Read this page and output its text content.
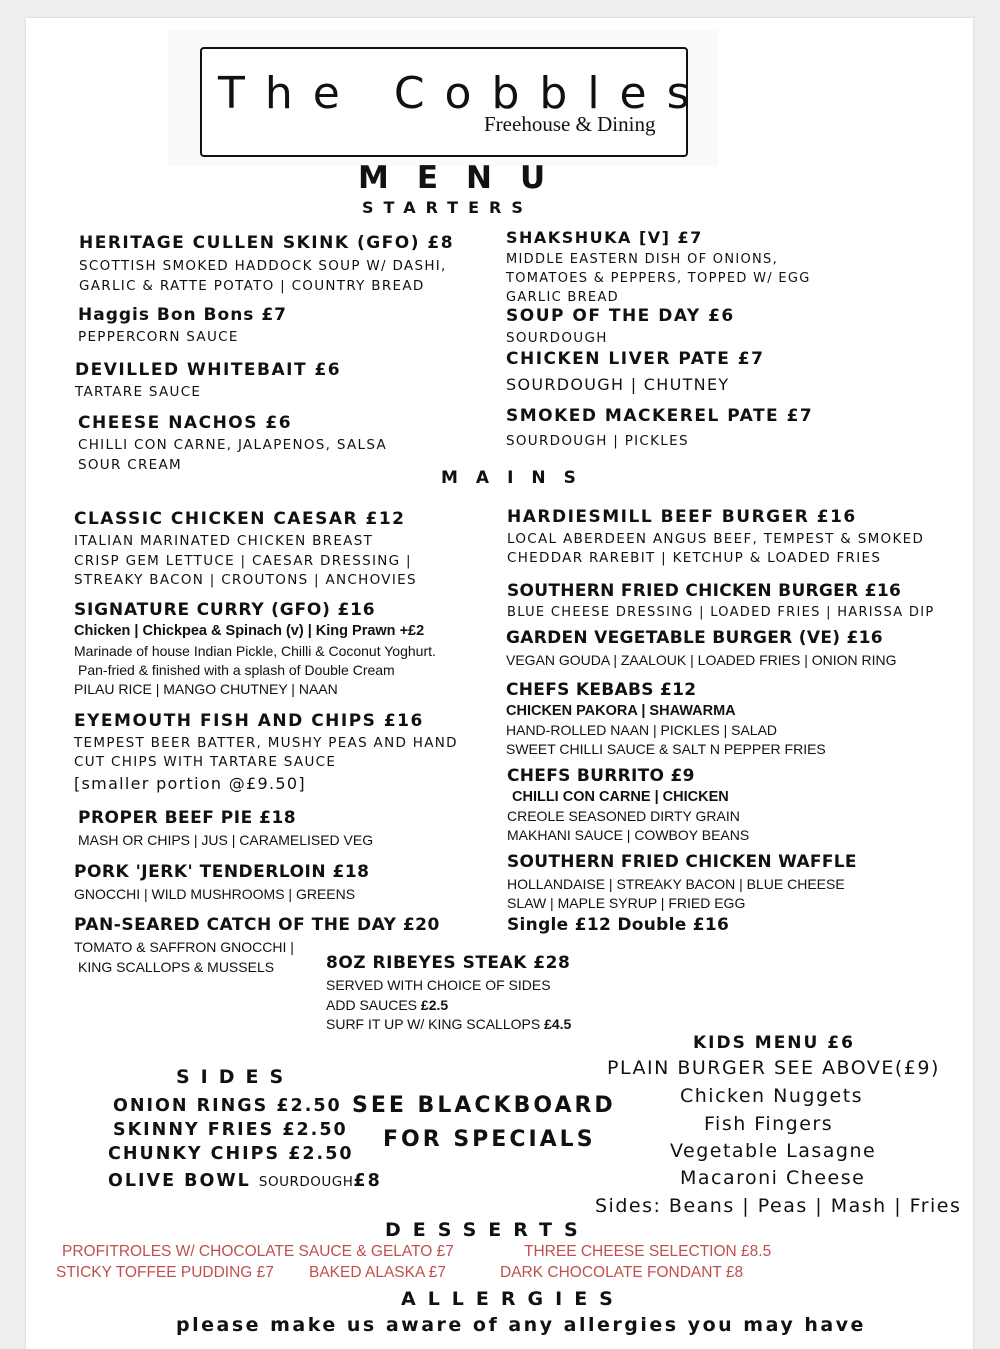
The Cobbles
Freehouse & Dining
MENU
STARTERS
HERITAGE CULLEN SKINK (GFO) £8
SCOTTISH SMOKED HADDOCK SOUP W/ DASHI,
GARLIC & RATTE POTATO | COUNTRY BREAD
Haggis Bon Bons £7
PEPPERCORN SAUCE
DEVILLED WHITEBAIT £6
TARTARE SAUCE
CHEESE NACHOS £6
CHILLI CON CARNE, JALAPENOS, SALSA
SOUR CREAM
SHAKSHUKA [V] £7
MIDDLE EASTERN DISH OF ONIONS,
TOMATOES & PEPPERS, TOPPED W/ EGG
GARLIC BREAD
SOUP OF THE DAY £6
SOURDOUGH
CHICKEN LIVER PATE £7
SOURDOUGH | CHUTNEY
SMOKED MACKEREL PATE £7
SOURDOUGH | PICKLES
MAINS
CLASSIC CHICKEN CAESAR £12
ITALIAN MARINATED CHICKEN BREAST
CRISP GEM LETTUCE | CAESAR DRESSING |
STREAKY BACON | CROUTONS | ANCHOVIES
SIGNATURE CURRY (GFO) £16
Chicken | Chickpea & Spinach (v) | King Prawn +£2
Marinade of house Indian Pickle, Chilli & Coconut Yoghurt.
Pan-fried & finished with a splash of Double Cream
PILAU RICE | MANGO CHUTNEY | NAAN
EYEMOUTH FISH AND CHIPS £16
TEMPEST BEER BATTER, MUSHY PEAS AND HAND
CUT CHIPS WITH TARTARE SAUCE
[smaller portion @£9.50]
PROPER BEEF PIE £18
MASH OR CHIPS | JUS | CARAMELISED VEG
PORK 'JERK' TENDERLOIN £18
GNOCCHI | WILD MUSHROOMS | GREENS
PAN-SEARED CATCH OF THE DAY £20
TOMATO & SAFFRON GNOCCHI |
KING SCALLOPS & MUSSELS	8OZ RIBEYES STEAK £28
SERVED WITH CHOICE OF SIDES
ADD SAUCES £2.5
SURF IT UP W/ KING SCALLOPS £4.5
HARDIESMILL BEEF BURGER £16
LOCAL ABERDEEN ANGUS BEEF, TEMPEST & SMOKED
CHEDDAR RAREBIT | KETCHUP & LOADED FRIES
SOUTHERN FRIED CHICKEN BURGER £16
BLUE CHEESE DRESSING | LOADED FRIES | HARISSA DIP
GARDEN VEGETABLE BURGER (VE) £16
VEGAN GOUDA | ZAALOUK | LOADED FRIES | ONION RING
CHEFS KEBABS £12
CHICKEN PAKORA | SHAWARMA
HAND-ROLLED NAAN | PICKLES | SALAD
SWEET CHILLI SAUCE & SALT N PEPPER FRIES
CHEFS BURRITO £9
CHILLI CON CARNE | CHICKEN
CREOLE SEASONED DIRTY GRAIN
MAKHANI SAUCE | COWBOY BEANS
SOUTHERN FRIED CHICKEN WAFFLE
HOLLANDAISE | STREAKY BACON | BLUE CHEESE
SLAW | MAPLE SYRUP | FRIED EGG
Single £12 Double £16
KIDS MENU £6
PLAIN BURGER SEE ABOVE(£9)
Chicken Nuggets
Fish Fingers
Vegetable Lasagne
Macaroni Cheese
Sides: Beans | Peas | Mash | Fries
SIDES
ONION RINGS £2.50
SKINNY FRIES £2.50
CHUNKY CHIPS £2.50
OLIVE BOWL SOURDOUGH£8
SEE BLACKBOARD
FOR SPECIALS
DESSERTS
PROFITROLES W/ CHOCOLATE SAUCE & GELATO £7	THREE CHEESE SELECTION £8.5
STICKY TOFFEE PUDDING £7 BAKED ALASKA £7	DARK CHOCOLATE FONDANT £8
ALLERGIES
please make us aware of any allergies you may have
